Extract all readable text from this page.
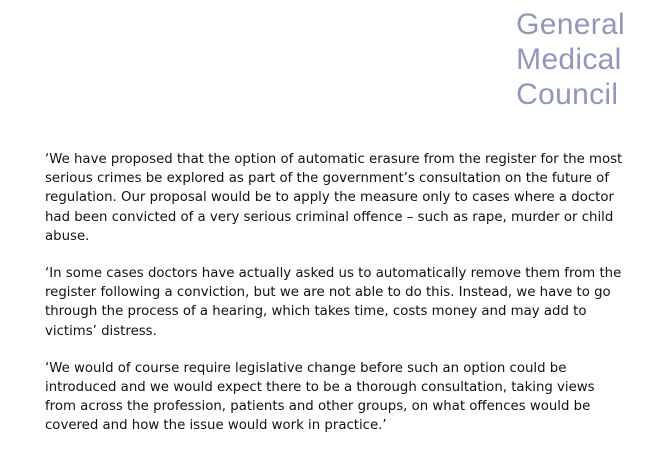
General
Medical
Council

‘We have proposed that the option of automatic erasure from the register for the most serious crimes be explored as part of the government’s consultation on the future of regulation. Our proposal would be to apply the measure only to cases where a doctor had been convicted of a very serious criminal offence – such as rape, murder or child abuse.

‘In some cases doctors have actually asked us to automatically remove them from the register following a conviction, but we are not able to do this. Instead, we have to go through the process of a hearing, which takes time, costs money and may add to victims’ distress.

‘We would of course require legislative change before such an option could be introduced and we would expect there to be a thorough consultation, taking views from across the profession, patients and other groups, on what offences would be covered and how the issue would work in practice.’
